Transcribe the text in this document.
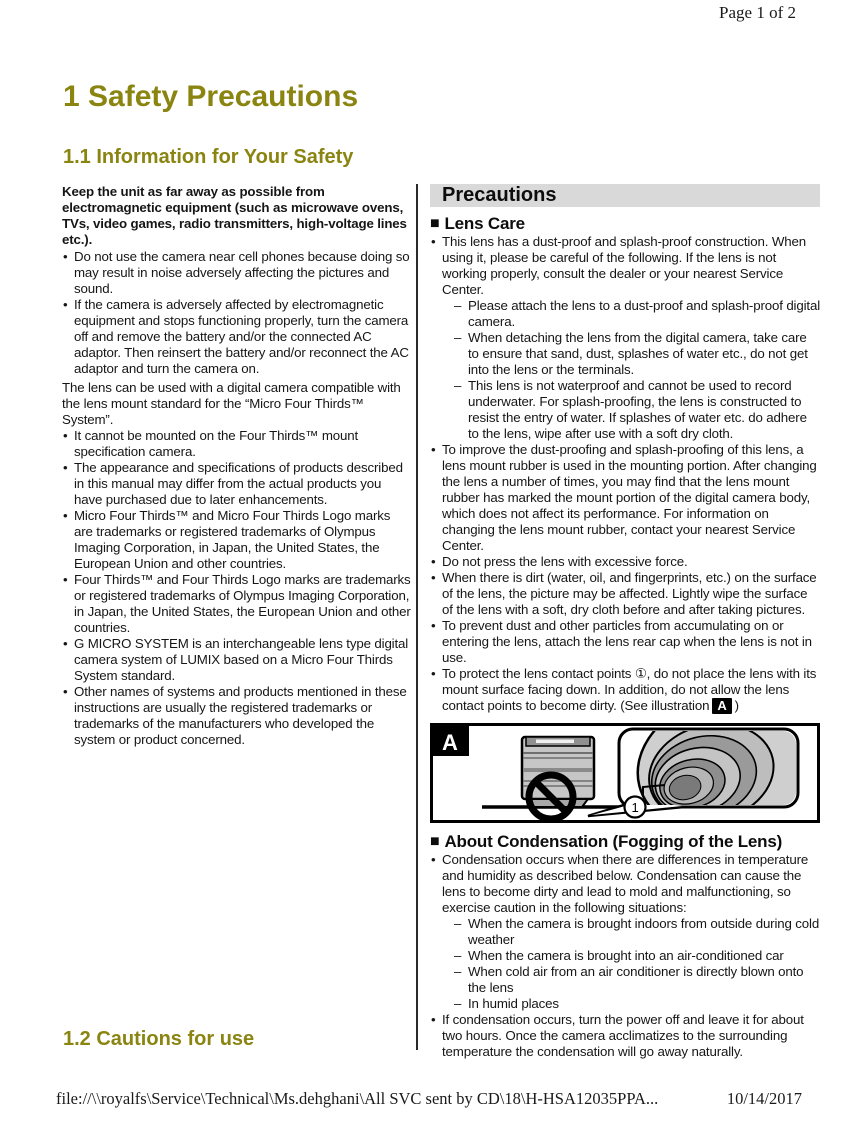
Page 1 of 2
1 Safety Precautions
1.1 Information for Your Safety

Keep the unit as far away as possible from electromagnetic equipment (such as microwave ovens, TVs, video games, radio transmitters, high-voltage lines etc.).

• Do not use the camera near cell phones because doing so may result in noise adversely affecting the pictures and sound.
• If the camera is adversely affected by electromagnetic equipment and stops functioning properly, turn the camera off and remove the battery and/or the connected AC adaptor. Then reinsert the battery and/or reconnect the AC adaptor and turn the camera on.

The lens can be used with a digital camera compatible with the lens mount standard for the “Micro Four Thirds™ System”.

• It cannot be mounted on the Four Thirds™ mount specification camera.
• The appearance and specifications of products described in this manual may differ from the actual products you have purchased due to later enhancements.
• Micro Four Thirds™ and Micro Four Thirds Logo marks are trademarks or registered trademarks of Olympus Imaging Corporation, in Japan, the United States, the European Union and other countries.
• Four Thirds™ and Four Thirds Logo marks are trademarks or registered trademarks of Olympus Imaging Corporation, in Japan, the United States, the European Union and other countries.
• G MICRO SYSTEM is an interchangeable lens type digital camera system of LUMIX based on a Micro Four Thirds System standard.
• Other names of systems and products mentioned in these instructions are usually the registered trademarks or trademarks of the manufacturers who developed the system or product concerned.
Precautions
■ Lens Care
• This lens has a dust-proof and splash-proof construction. When using it, please be careful of the following. If the lens is not working properly, consult the dealer or your nearest Service Center.
– Please attach the lens to a dust-proof and splash-proof digital camera.
– When detaching the lens from the digital camera, take care to ensure that sand, dust, splashes of water etc., do not get into the lens or the terminals.
– This lens is not waterproof and cannot be used to record underwater. For splash-proofing, the lens is constructed to resist the entry of water. If splashes of water etc. do adhere to the lens, wipe after use with a soft dry cloth.
• To improve the dust-proofing and splash-proofing of this lens, a lens mount rubber is used in the mounting portion. After changing the lens a number of times, you may find that the lens mount rubber has marked the mount portion of the digital camera body, which does not affect its performance. For information on changing the lens mount rubber, contact your nearest Service Center.
• Do not press the lens with excessive force.
• When there is dirt (water, oil, and fingerprints, etc.) on the surface of the lens, the picture may be affected. Lightly wipe the surface of the lens with a soft, dry cloth before and after taking pictures.
• To prevent dust and other particles from accumulating on or entering the lens, attach the lens rear cap when the lens is not in use.
• To protect the lens contact points ①, do not place the lens with its mount surface facing down. In addition, do not allow the lens contact points to become dirty. (See illustration A )
A
1
■ About Condensation (Fogging of the Lens)
• Condensation occurs when there are differences in temperature and humidity as described below. Condensation can cause the lens to become dirty and lead to mold and malfunctioning, so exercise caution in the following situations:
– When the camera is brought indoors from outside during cold weather
– When the camera is brought into an air-conditioned car
– When cold air from an air conditioner is directly blown onto the lens
– In humid places
• If condensation occurs, turn the power off and leave it for about two hours. Once the camera acclimatizes to the surrounding temperature the condensation will go away naturally.
1.2 Cautions for use
file://\\royalfs\Service\Technical\Ms.dehghani\All SVC sent by CD\18\H-HSA12035PPA...	10/14/2017
